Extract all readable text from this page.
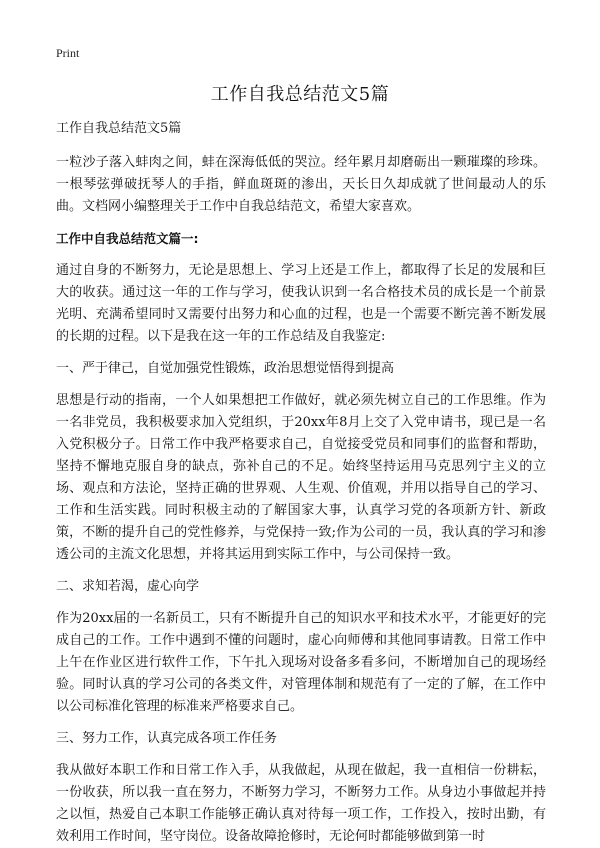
Print
工作自我总结范文5篇

工作自我总结范文5篇

一粒沙子落入蚌肉之间，蚌在深海低低的哭泣。经年累月却磨砺出一颗璀璨的珍珠。一根琴弦弹破抚琴人的手指，鲜血斑斑的渗出，天长日久却成就了世间最动人的乐曲。文档网小编整理关于工作中自我总结范文，希望大家喜欢。

工作中自我总结范文篇一:

通过自身的不断努力，无论是思想上、学习上还是工作上，都取得了长足的发展和巨大的收获。通过这一年的工作与学习，使我认识到一名合格技术员的成长是一个前景光明、充满希望同时又需要付出努力和心血的过程，也是一个需要不断完善不断发展的长期的过程。以下是我在这一年的工作总结及自我鉴定:

一、严于律己，自觉加强党性锻炼，政治思想觉悟得到提高

思想是行动的指南，一个人如果想把工作做好，就必须先树立自己的工作思维。作为一名非党员，我积极要求加入党组织，于20xx年8月上交了入党申请书，现已是一名入党积极分子。日常工作中我严格要求自己，自觉接受党员和同事们的监督和帮助，坚持不懈地克服自身的缺点，弥补自己的不足。始终坚持运用马克思列宁主义的立场、观点和方法论，坚持正确的世界观、人生观、价值观，并用以指导自己的学习、工作和生活实践。同时积极主动的了解国家大事，认真学习党的各项新方针、新政策，不断的提升自己的党性修养，与党保持一致;作为公司的一员，我认真的学习和渗透公司的主流文化思想，并将其运用到实际工作中，与公司保持一致。

二、求知若渴，虚心向学

作为20xx届的一名新员工，只有不断提升自己的知识水平和技术水平，才能更好的完成自己的工作。工作中遇到不懂的问题时，虚心向师傅和其他同事请教。日常工作中上午在作业区进行软件工作，下午扎入现场对设备多看多问，不断增加自己的现场经验。同时认真的学习公司的各类文件，对管理体制和规范有了一定的了解，在工作中以公司标准化管理的标准来严格要求自己。

三、努力工作，认真完成各项工作任务

我从做好本职工作和日常工作入手，从我做起，从现在做起，我一直相信一份耕耘，一份收获，所以我一直在努力，不断努力学习，不断努力工作。从身边小事做起并持之以恒，热爱自己本职工作能够正确认真对待每一项工作，工作投入，按时出勤，有效利用工作时间，坚守岗位。设备故障抢修时，无论何时都能够做到第一时
